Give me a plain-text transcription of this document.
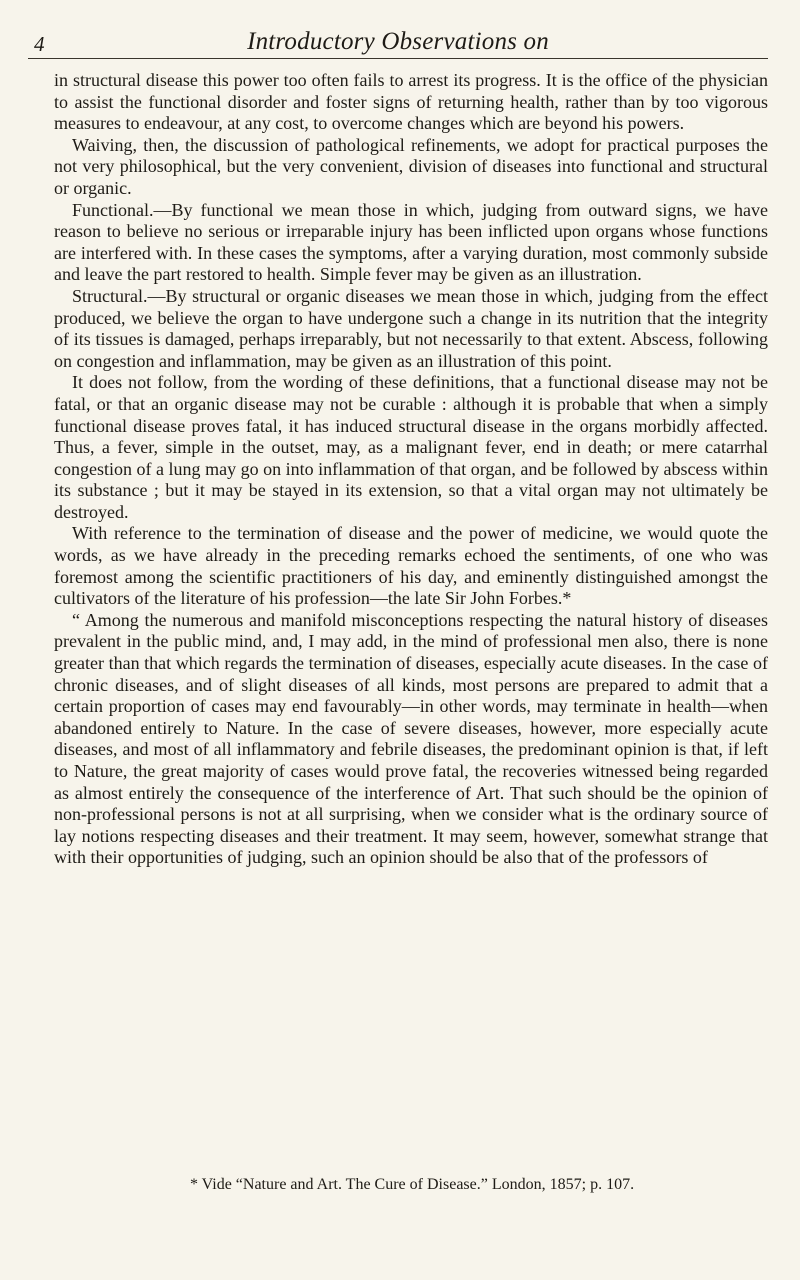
4	Introductory Observations on

in structural disease this power too often fails to arrest its progress. It is the office of the physician to assist the functional disorder and foster signs of returning health, rather than by too vigorous measures to endeavour, at any cost, to overcome changes which are beyond his powers.

Waiving, then, the discussion of pathological refinements, we adopt for practical purposes the not very philosophical, but the very convenient, division of diseases into functional and structural or organic.

Functional.—By functional we mean those in which, judging from outward signs, we have reason to believe no serious or irreparable injury has been inflicted upon organs whose functions are interfered with. In these cases the symptoms, after a varying duration, most commonly subside and leave the part restored to health. Simple fever may be given as an illustration.

Structural.—By structural or organic diseases we mean those in which, judging from the effect produced, we believe the organ to have undergone such a change in its nutrition that the integrity of its tissues is damaged, perhaps irreparably, but not necessarily to that extent. Abscess, following on congestion and inflammation, may be given as an illustration of this point.

It does not follow, from the wording of these definitions, that a functional disease may not be fatal, or that an organic disease may not be curable : although it is probable that when a simply functional disease proves fatal, it has induced structural disease in the organs morbidly affected. Thus, a fever, simple in the outset, may, as a malignant fever, end in death; or mere catarrhal congestion of a lung may go on into inflammation of that organ, and be followed by abscess within its substance ; but it may be stayed in its extension, so that a vital organ may not ultimately be destroyed.

With reference to the termination of disease and the power of medicine, we would quote the words, as we have already in the preceding remarks echoed the sentiments, of one who was foremost among the scientific practitioners of his day, and eminently distinguished amongst the cultivators of the literature of his profession—the late Sir John Forbes.*

“ Among the numerous and manifold misconceptions respecting the natural history of diseases prevalent in the public mind, and, I may add, in the mind of professional men also, there is none greater than that which regards the termination of diseases, especially acute diseases. In the case of chronic diseases, and of slight diseases of all kinds, most persons are prepared to admit that a certain proportion of cases may end favourably—in other words, may terminate in health—when abandoned entirely to Nature. In the case of severe diseases, however, more especially acute diseases, and most of all inflammatory and febrile diseases, the predominant opinion is that, if left to Nature, the great majority of cases would prove fatal, the recoveries witnessed being regarded as almost entirely the consequence of the interference of Art. That such should be the opinion of non-professional persons is not at all surprising, when we consider what is the ordinary source of lay notions respecting diseases and their treatment. It may seem, however, somewhat strange that with their opportunities of judging, such an opinion should be also that of the professors of

* Vide “Nature and Art. The Cure of Disease.” London, 1857; p. 107.
